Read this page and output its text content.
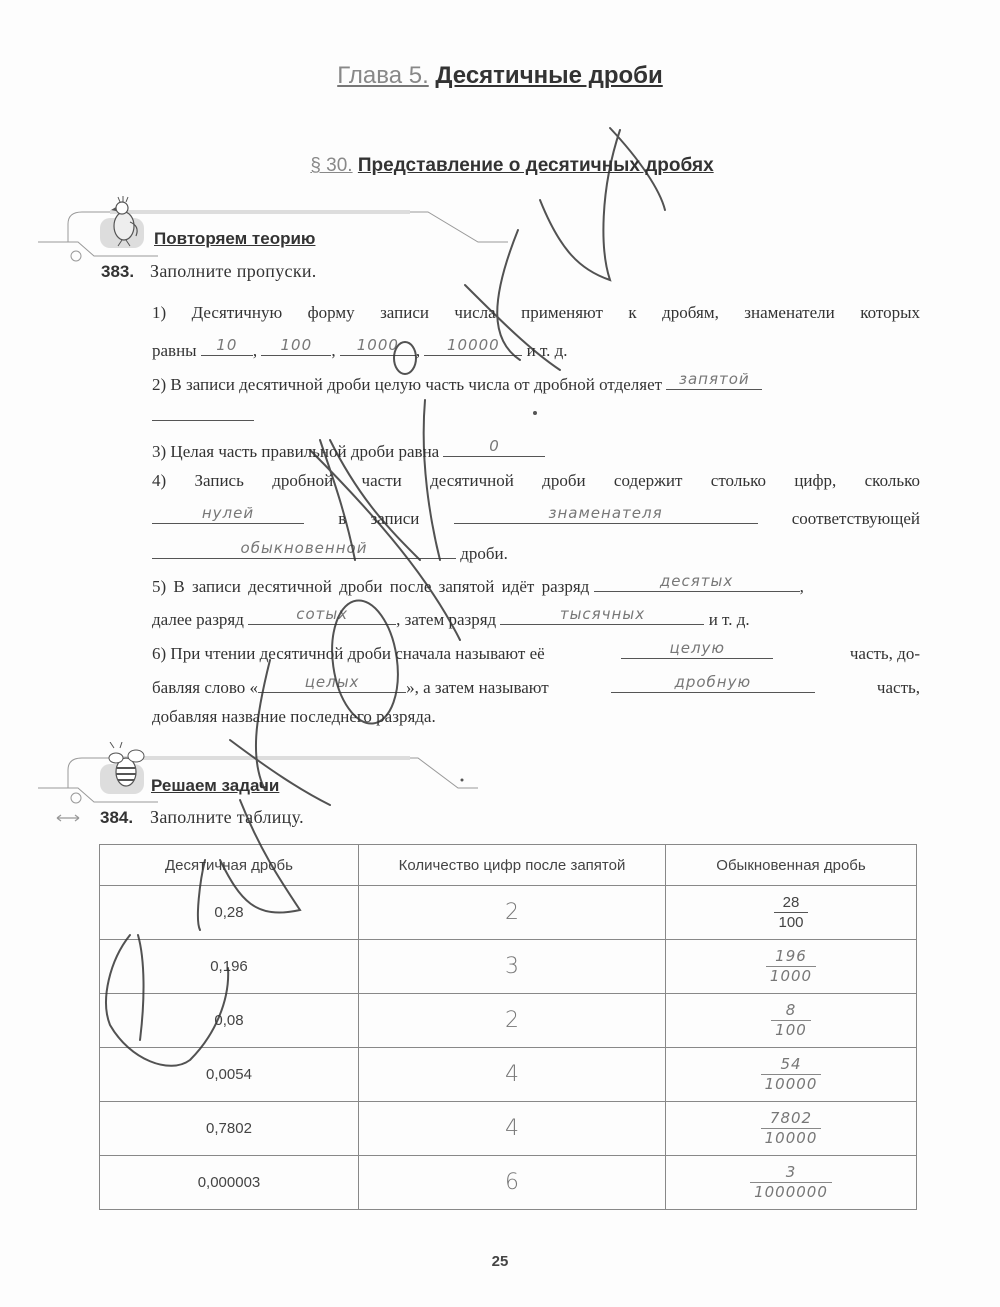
Глава 5. Десятичные дроби
§ 30. Представление о десятичных дробях
Повторяем теорию
383. Заполните пропуски.
1) Десятичную форму записи числа применяют к дробям, знаменатели которых
равны	10 ,	100	,	1000 ,	10000	и т. д.
2) В записи десятичной дроби целую часть числа от дробной отделяет	запятой
3) Целая часть правильной дроби равна	0
4) Запись дробной части десятичной дроби содержит столько цифр, сколько
нулей	в записи	знаменателя	соответствующей
обыкновенной	дроби.
5) В записи десятичной дроби после запятой идёт разряд	десятых	,
далее разряд	сотых	, затем разряд	тысячных	и т. д.
6) При чтении десятичной дроби сначала называют её	целую	часть, до-
бавляя слово «	целых	», а затем называют	дробную	часть,
добавляя название последнего разряда.
Решаем задачи
384. Заполните таблицу.
Десятичная дробь	Количество цифр после запятой	Обыкновенная дробь
0,28	2	$\frac{28}{100}$

0,196	3	$\frac{196}{1000}$

0,08	2	$\frac{8}{100}$

0,0054	4	$\frac{54}{10000}$

0,7802	4	$\frac{7802}{10000}$

0,000003	6	$\frac{3}{1000000}$
25
